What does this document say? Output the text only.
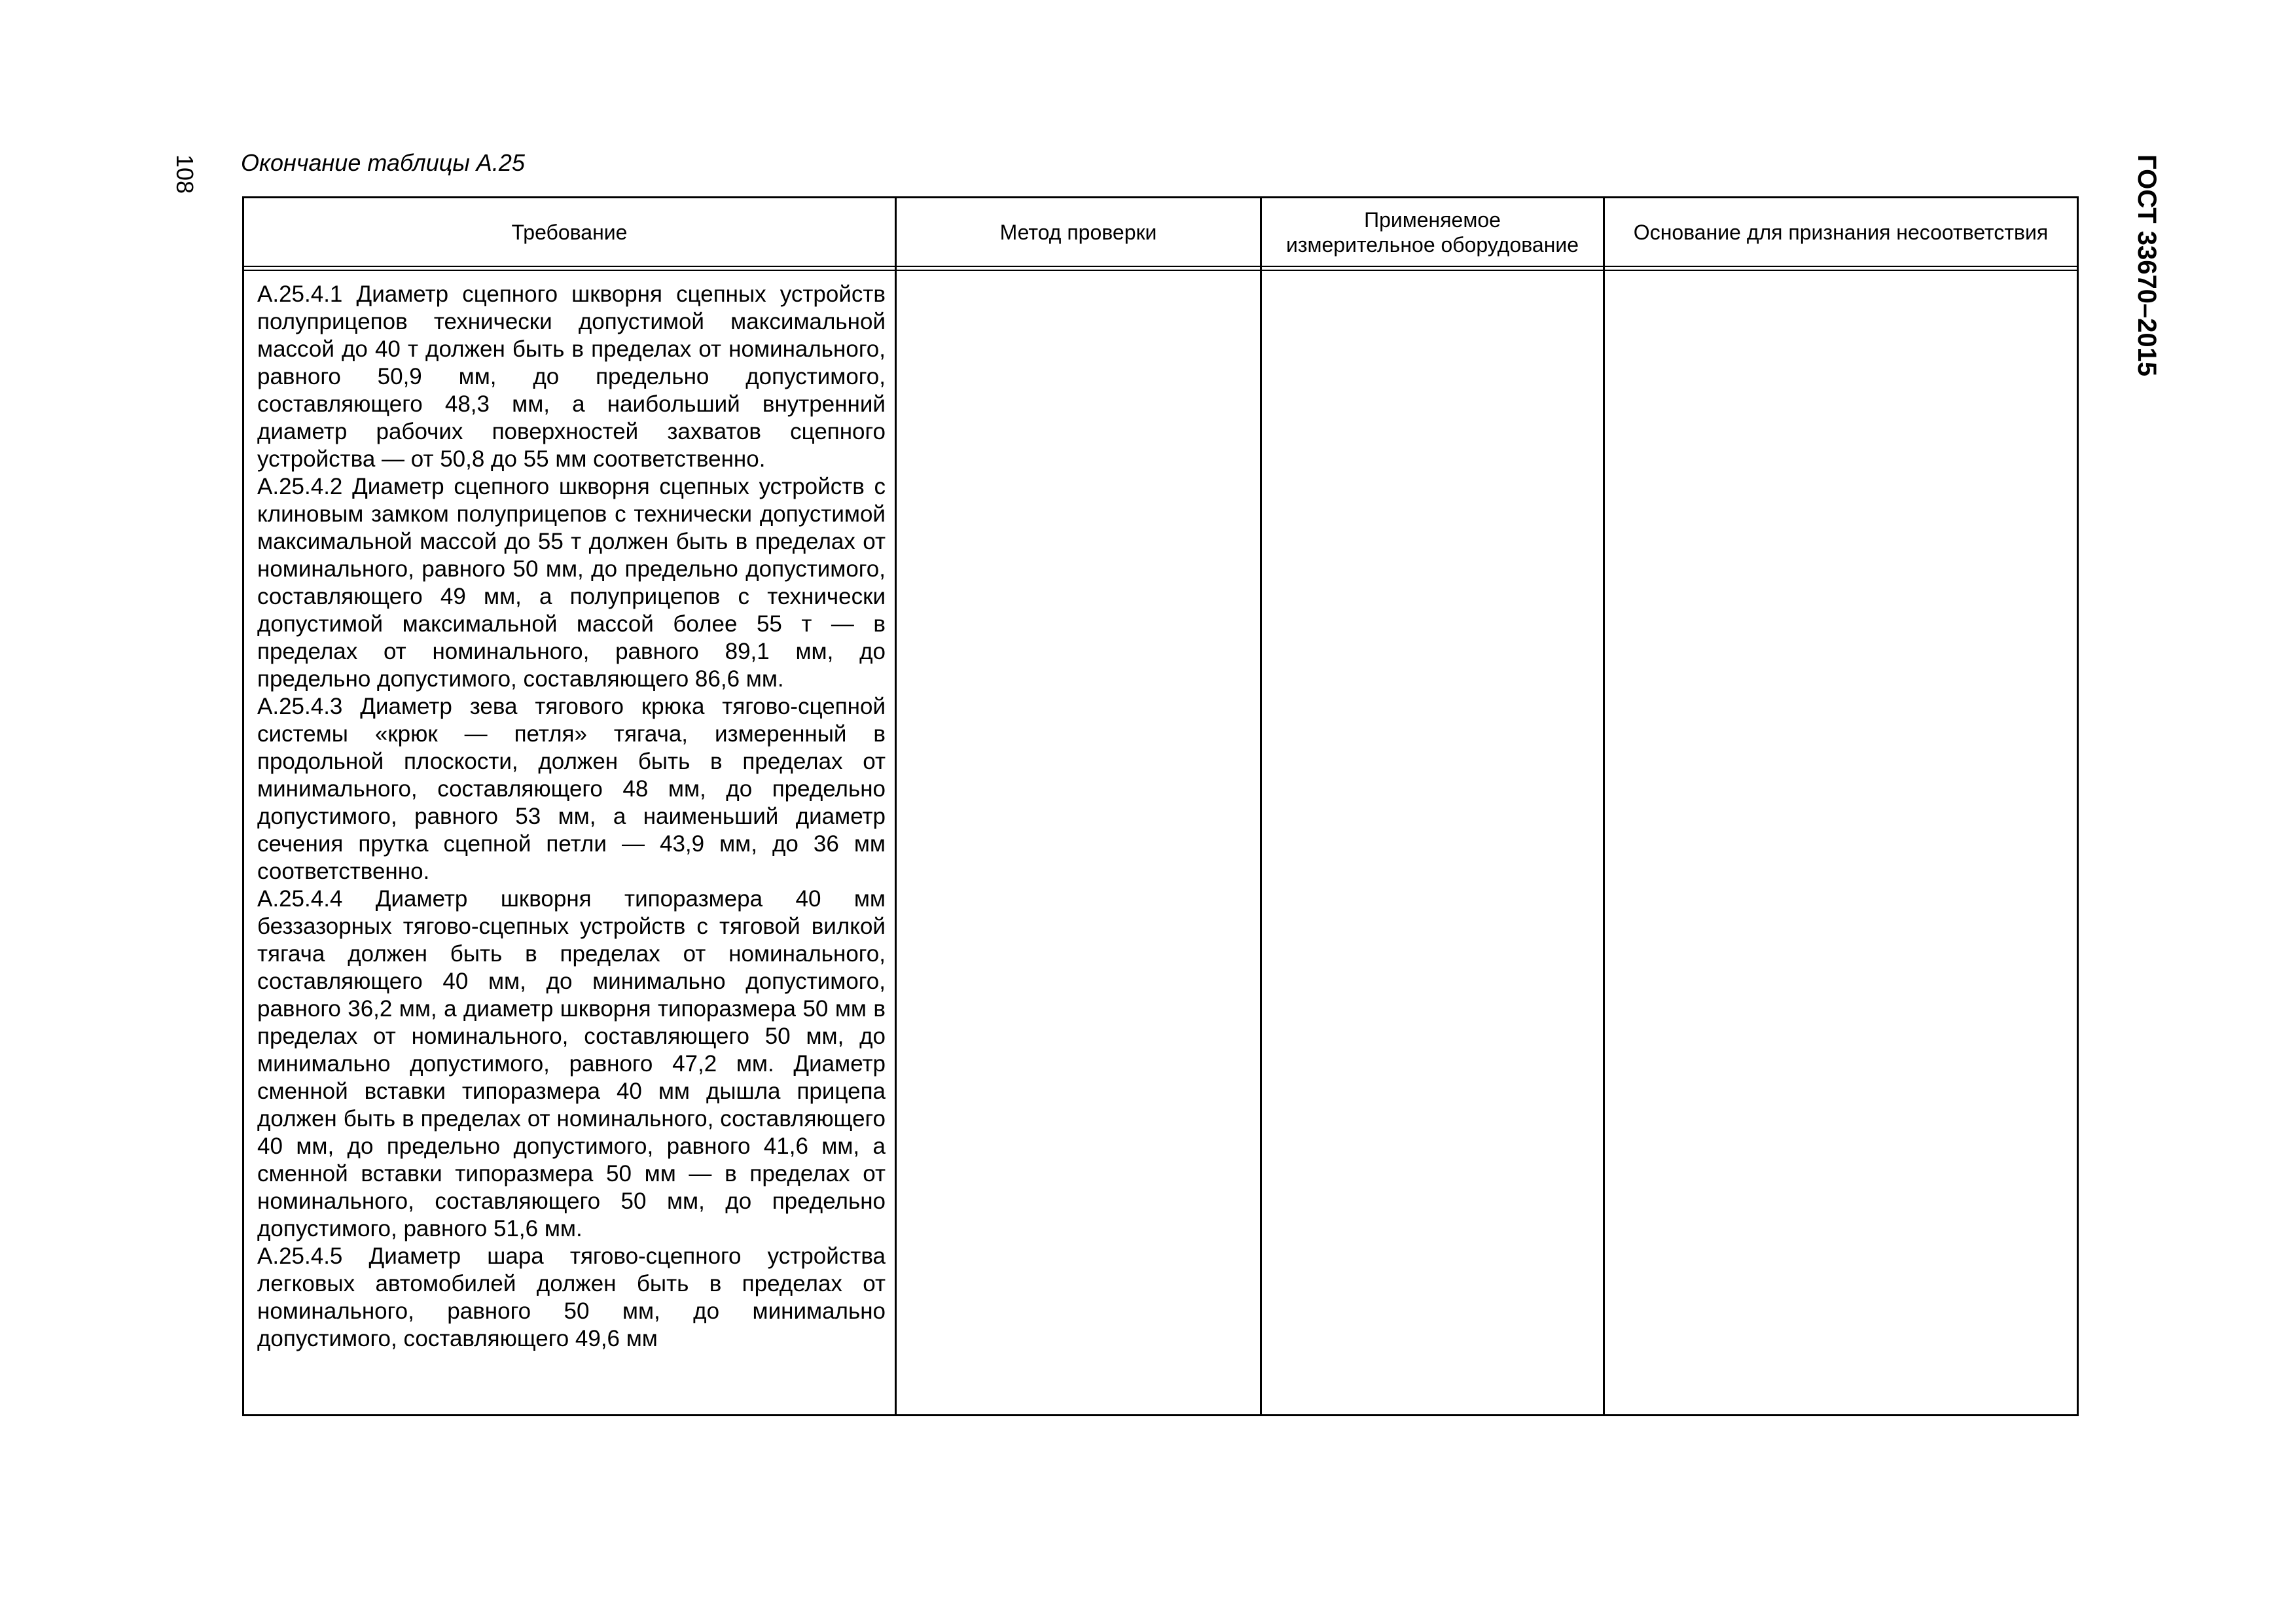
108	ГОСТ 33670–2015
Окончание таблицы А.25
Требование	Метод проверки
Применяемое
измерительное оборудование
Основание для признания несоответствия

А.25.4.1 Диаметр сцепного шкворня сцепных устройств полуприцепов технически допустимой максимальной массой до 40 т должен быть в пределах от номинального, равного 50,9 мм, до предельно допустимого, составляющего 48,3 мм, а наибольший внутренний диаметр рабочих поверхностей захватов сцепного устройства — от 50,8 до 55 мм соответственно.

А.25.4.2 Диаметр сцепного шкворня сцепных устройств с клиновым замком полуприцепов с технически допустимой максимальной массой до 55 т должен быть в пределах от номинального, равного 50 мм, до предельно допустимого, составляющего 49 мм, а полуприцепов с технически допустимой максимальной массой более 55 т — в пределах от номинального, равного 89,1 мм, до предельно допустимого, составляющего 86,6 мм.

А.25.4.3 Диаметр зева тягового крюка тягово-сцепной системы «крюк — петля» тягача, измеренный в продольной плоскости, должен быть в пределах от минимального, составляющего 48 мм, до предельно допустимого, равного 53 мм, а наименьший диаметр сечения прутка сцепной петли — 43,9 мм, до 36 мм соответственно.

А.25.4.4 Диаметр шкворня типоразмера 40 мм беззазорных тягово-сцепных устройств с тяговой вилкой тягача должен быть в пределах от номинального, составляющего 40 мм, до минимально допустимого, равного 36,2 мм, а диаметр шкворня типоразмера 50 мм в пределах от номинального, составляющего 50 мм, до минимально допустимого, равного 47,2 мм. Диаметр сменной вставки типоразмера 40 мм дышла прицепа должен быть в пределах от номинального, составляющего 40 мм, до предельно допустимого, равного 41,6 мм, а сменной вставки типоразмера 50 мм — в пределах от номинального, составляющего 50 мм, до предельно допустимого, равного 51,6 мм.

А.25.4.5 Диаметр шара тягово-сцепного устройства легковых автомобилей должен быть в пределах от номинального, равного 50 мм, до минимально допустимого, составляющего 49,6 мм
